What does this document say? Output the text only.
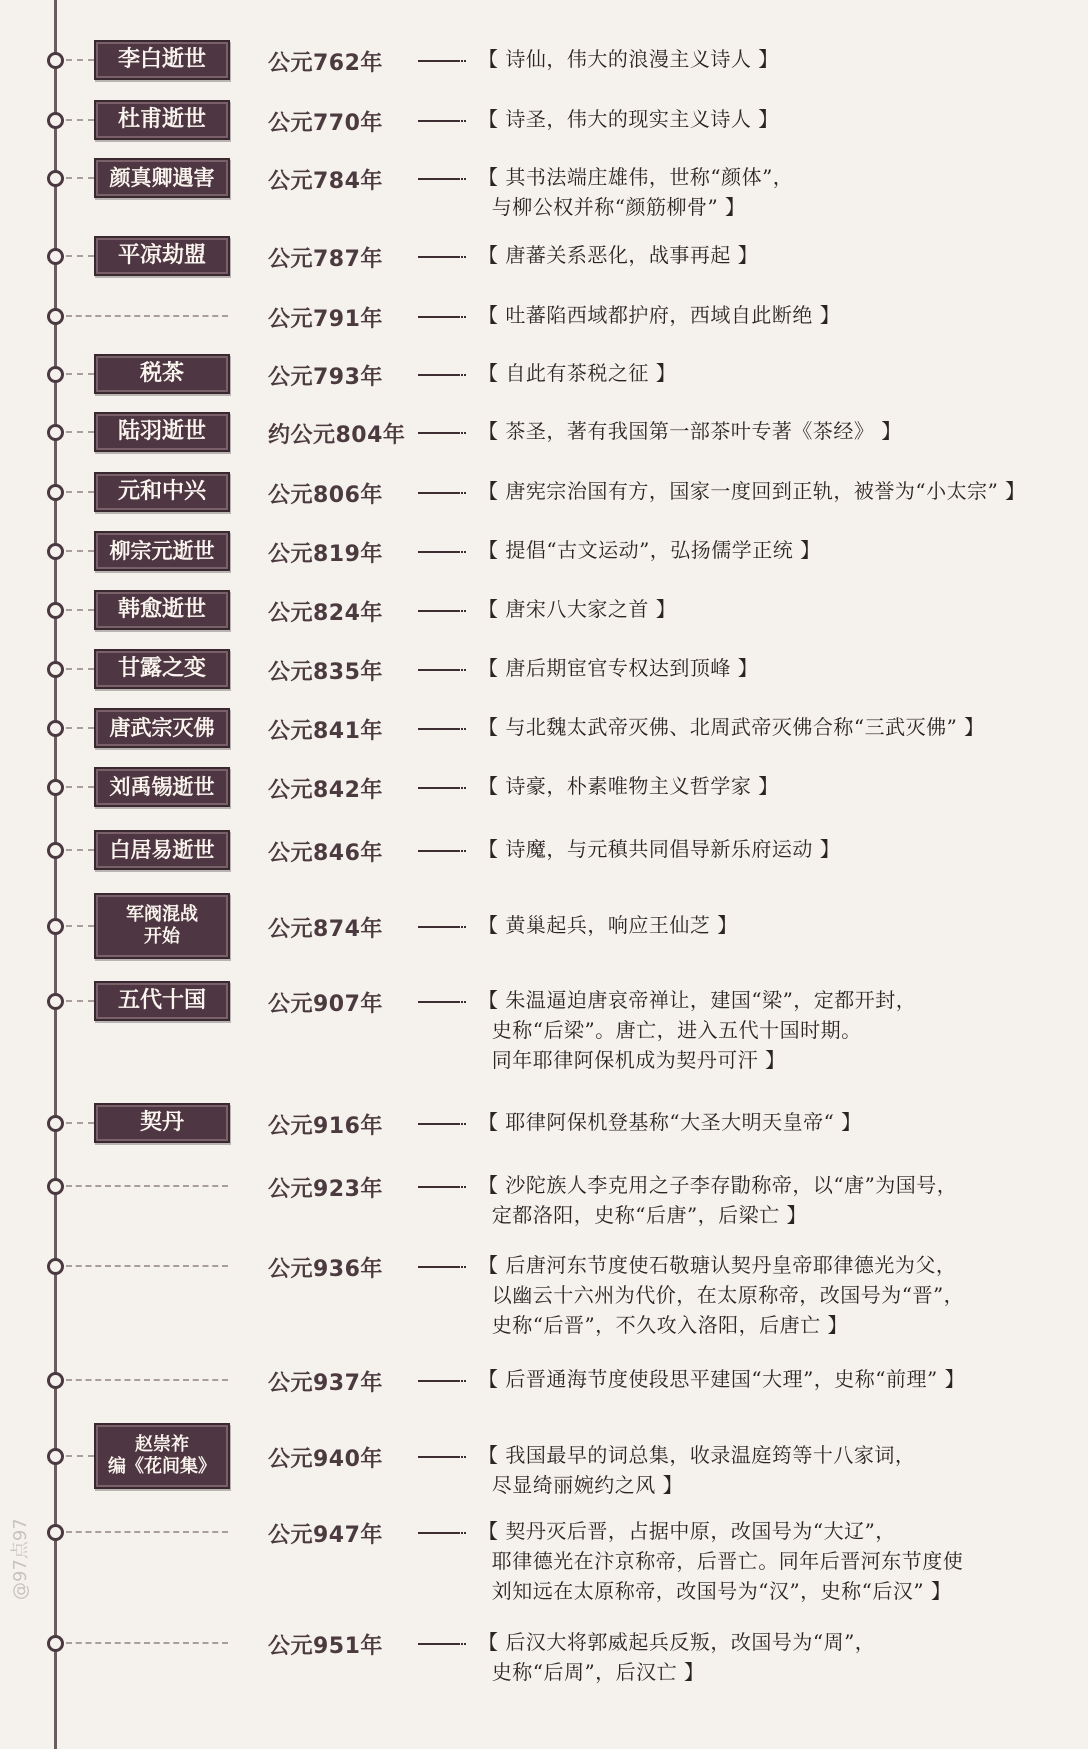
李白逝世	公元762年	【 诗仙，伟大的浪漫主义诗人 】
杜甫逝世	公元770年	【 诗圣，伟大的现实主义诗人 】
颜真卿遇害	公元784年	【 其书法端庄雄伟，世称“颜体”，
与柳公权并称“颜筋柳骨” 】
平凉劫盟	公元787年	【 唐蕃关系恶化，战事再起 】
公元791年	【 吐蕃陷西域都护府，西域自此断绝 】
税茶	公元793年	【 自此有茶税之征 】
陆羽逝世	约公元804年	【 茶圣，著有我国第一部茶叶专著《茶经》 】
元和中兴	公元806年	【 唐宪宗治国有方，国家一度回到正轨，被誉为“小太宗” 】
柳宗元逝世	公元819年	【 提倡“古文运动”，弘扬儒学正统 】
韩愈逝世	公元824年	【 唐宋八大家之首 】
甘露之变	公元835年	【 唐后期宦官专权达到顶峰 】
唐武宗灭佛	公元841年	【 与北魏太武帝灭佛、北周武帝灭佛合称“三武灭佛” 】
刘禹锡逝世	公元842年	【 诗豪，朴素唯物主义哲学家 】
白居易逝世	公元846年	【 诗魔，与元稹共同倡导新乐府运动 】
军阀混战
开始	公元874年	【 黄巢起兵，响应王仙芝 】
五代十国	公元907年	【 朱温逼迫唐哀帝禅让，建国“梁”，定都开封，
史称“后梁”。唐亡，进入五代十国时期。
同年耶律阿保机成为契丹可汗 】
契丹	公元916年	【 耶律阿保机登基称“大圣大明天皇帝“ 】
公元923年	【 沙陀族人李克用之子李存勖称帝，以“唐”为国号，
定都洛阳，史称“后唐”，后梁亡 】
公元936年	【 后唐河东节度使石敬瑭认契丹皇帝耶律德光为父，
以幽云十六州为代价，在太原称帝，改国号为“晋”，
史称“后晋”，不久攻入洛阳，后唐亡 】
公元937年	【 后晋通海节度使段思平建国“大理”，史称“前理” 】
赵崇祚
编《花间集》	公元940年	【 我国最早的词总集，收录温庭筠等十八家词，
尽显绮丽婉约之风 】
公元947年	【 契丹灭后晋，占据中原，改国号为“大辽”，
耶律德光在汴京称帝，后晋亡。同年后晋河东节度使
刘知远在太原称帝，改国号为“汉”，史称“后汉” 】
公元951年	【 后汉大将郭威起兵反叛，改国号为“周”，
史称“后周”，后汉亡 】
@97点97
